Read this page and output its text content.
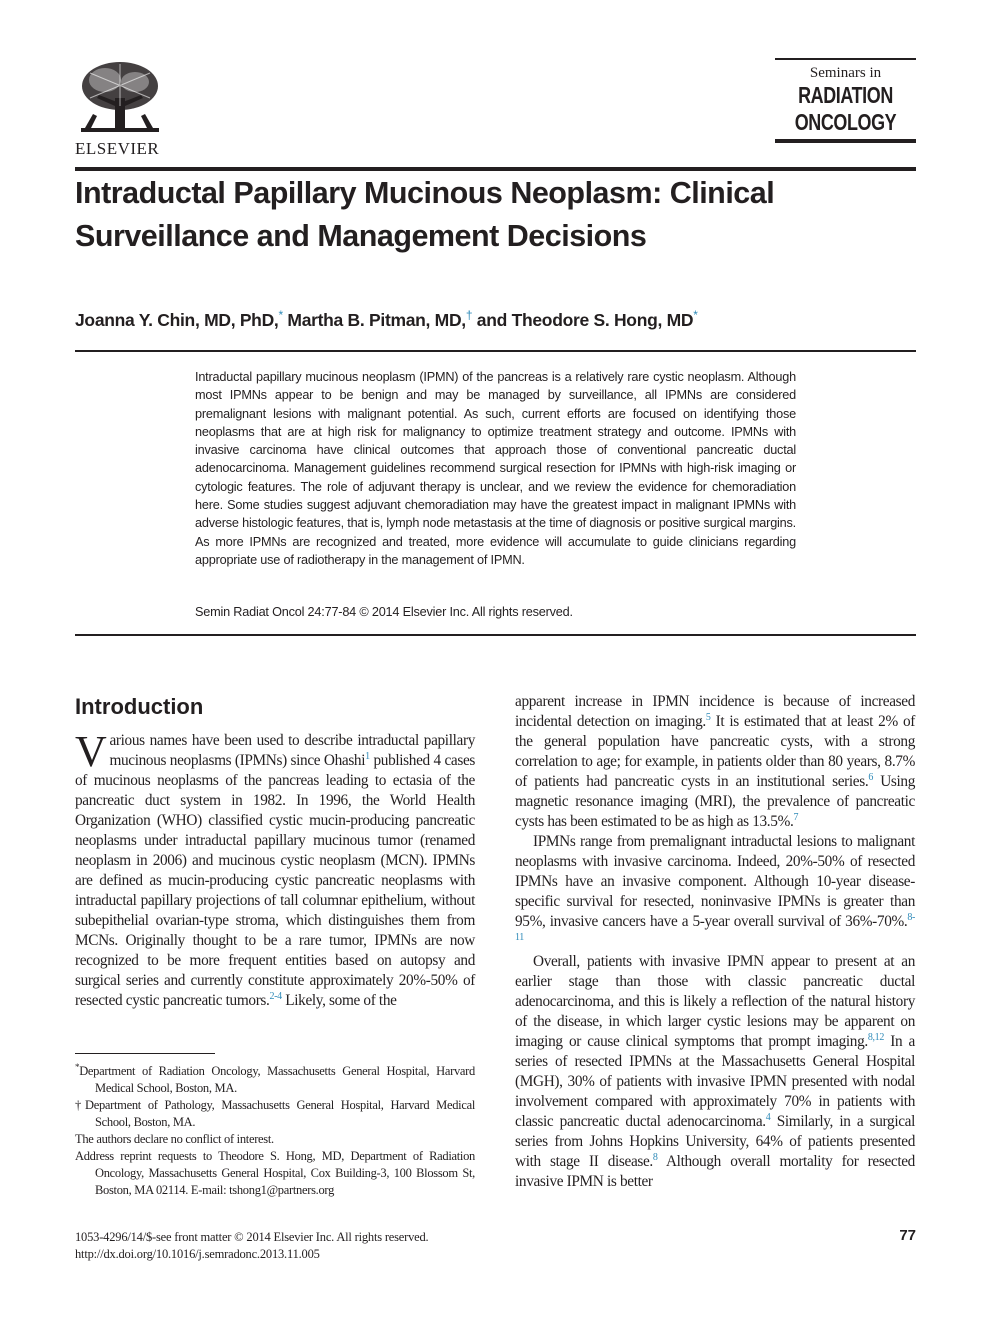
ELSEVIER
Seminars in
RADIATION
ONCOLOGY
Intraductal Papillary Mucinous Neoplasm: Clinical Surveillance and Management Decisions
Joanna Y. Chin, MD, PhD,* Martha B. Pitman, MD,† and Theodore S. Hong, MD*

Intraductal papillary mucinous neoplasm (IPMN) of the pancreas is a relatively rare cystic neoplasm. Although most IPMNs appear to be benign and may be managed by surveillance, all IPMNs are considered premalignant lesions with malignant potential. As such, current efforts are focused on identifying those neoplasms that are at high risk for malignancy to optimize treatment strategy and outcome. IPMNs with invasive carcinoma have clinical outcomes that approach those of conventional pancreatic ductal adenocarcinoma. Management guidelines recommend surgical resection for IPMNs with high-risk imaging or cytologic features. The role of adjuvant therapy is unclear, and we review the evidence for chemoradiation here. Some studies suggest adjuvant chemoradiation may have the greatest impact in malignant IPMNs with adverse histologic features, that is, lymph node metastasis at the time of diagnosis or positive surgical margins. As more IPMNs are recognized and treated, more evidence will accumulate to guide clinicians regarding appropriate use of radiotherapy in the management of IPMN.

Semin Radiat Oncol 24:77-84 © 2014 Elsevier Inc. All rights reserved.
Introduction

Various names have been used to describe intraductal papillary mucinous neoplasms (IPMNs) since Ohashi$^1$ published 4 cases of mucinous neoplasms of the pancreas leading to ectasia of the pancreatic duct system in 1982. In 1996, the World Health Organization (WHO) classified cystic mucin-producing pancreatic neoplasms under intraductal papillary mucinous tumor (renamed neoplasm in 2006) and mucinous cystic neoplasm (MCN). IPMNs are defined as mucin-producing cystic pancreatic neoplasms with intraductal papillary projections of tall columnar epithelium, without subepithelial ovarian-type stroma, which distinguishes them from MCNs. Originally thought to be a rare tumor, IPMNs are now recognized to be more frequent entities based on autopsy and surgical series and currently constitute approximately 20%-50% of resected cystic pancreatic tumors.$^{2-4}$ Likely, some of the

apparent increase in IPMN incidence is because of increased incidental detection on imaging.$^5$ It is estimated that at least 2% of the general population have pancreatic cysts, with a strong correlation to age; for example, in patients older than 80 years, 8.7% of patients had pancreatic cysts in an institutional series.$^6$ Using magnetic resonance imaging (MRI), the prevalence of pancreatic cysts has been estimated to be as high as 13.5%.$^7$

IPMNs range from premalignant intraductal lesions to malignant neoplasms with invasive carcinoma. Indeed, 20%-50% of resected IPMNs have an invasive component. Although 10-year disease-specific survival for resected, noninvasive IPMNs is greater than 95%, invasive cancers have a 5-year overall survival of 36%-70%.$^{8-11}$

Overall, patients with invasive IPMN appear to present at an earlier stage than those with classic pancreatic ductal adenocarcinoma, and this is likely a reflection of the natural history of the disease, in which larger cystic lesions may be apparent on imaging or cause clinical symptoms that prompt imaging.$^{8,12}$ In a series of resected IPMNs at the Massachusetts General Hospital (MGH), 30% of patients with invasive IPMN presented with nodal involvement compared with approximately 70% in patients with classic pancreatic ductal adenocarcinoma.$^4$ Similarly, in a surgical series from Johns Hopkins University, 64% of patients presented with stage II disease.$^8$ Although overall mortality for resected invasive IPMN is better

*Department of Radiation Oncology, Massachusetts General Hospital, Harvard Medical School, Boston, MA.
†Department of Pathology, Massachusetts General Hospital, Harvard Medical School, Boston, MA.
The authors declare no conflict of interest.
Address reprint requests to Theodore S. Hong, MD, Department of Radiation Oncology, Massachusetts General Hospital, Cox Building-3, 100 Blossom St, Boston, MA 02114. E-mail: tshong1@partners.org
1053-4296/14/$-see front matter © 2014 Elsevier Inc. All rights reserved.
http://dx.doi.org/10.1016/j.semradonc.2013.11.005
77
